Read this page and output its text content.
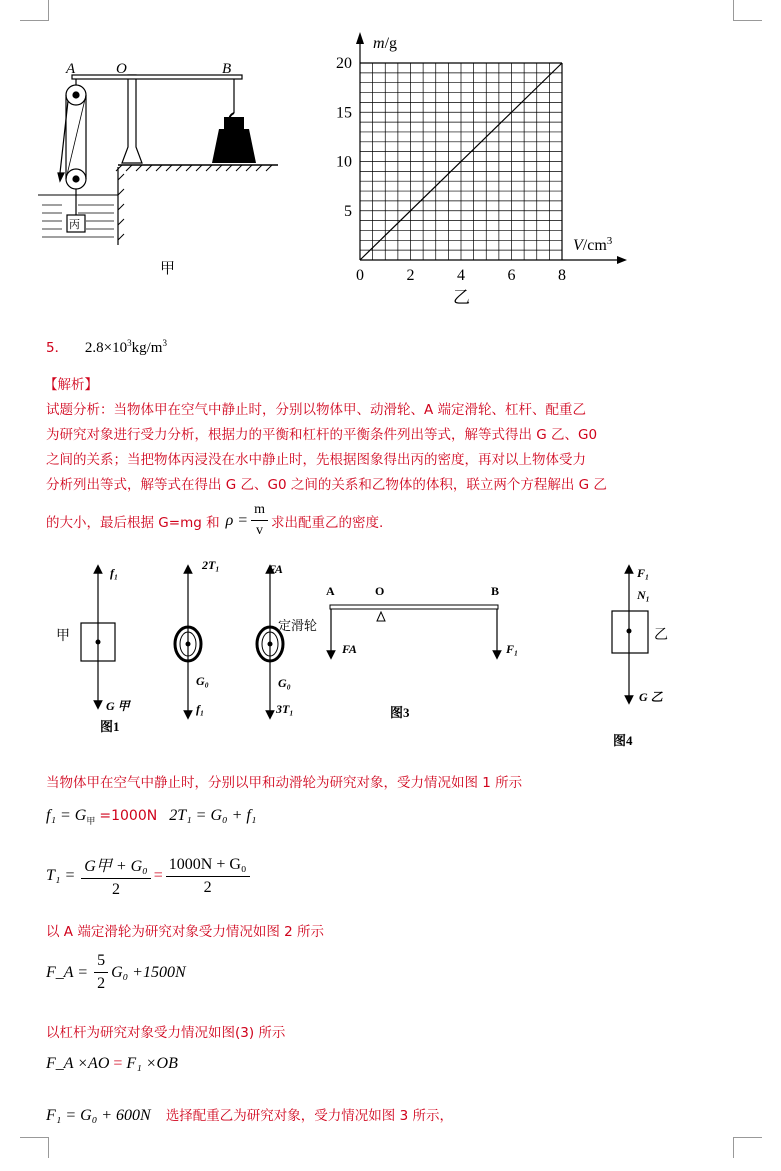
A	O	B
丙
甲
m/g
$V/cm^3$
20
15
10
5
0	2	4	6	8
乙
5． $2.8\times 10^3kg/m^3$
【解析】
试题分析：当物体甲在空气中静止时，分别以物体甲、动滑轮、A 端定滑轮、杠杆、配重乙
为研究对象进行受力分析，根据力的平衡和杠杆的平衡条件列出等式，解等式得出 G 乙、G0
之间的关系；当把物体丙浸没在水中静止时，先根据图象得出丙的密度，再对以上物体受力
分析列出等式，解等式在得出 G 乙、G0 之间的关系和乙物体的体积，联立两个方程解出 G 乙
的大小，最后根据 G=mg 和 $\rho = \frac{m}{v}$ 求出配重乙的密度.
f₁
甲
G 甲
图1
2T₁
G₀
f₁
FA
定滑轮
G₀
3T₁
A	O	B
FA	F₁
图3
F₁
N₁
乙
G 乙
图4
当物体甲在空气中静止时，分别以甲和动滑轮为研究对象，受力情况如图 1 所示
$f_1 = G_甲 =1000N$ 2T₁ = G₀ + f₁
$T_1 = \frac{\text{G甲 + G₀}}{2} = \frac{\text{1000N + G₀}}{2}$
以 A 端定滑轮为研究对象受力情况如图 2 所示
F_A = $\frac{5}{2} G_0 +1500N$
以杠杆为研究对象受力情况如图(3) 所示
F_A ×AO = F₁ ×OB
F₁ = G₀ + 600N 选择配重乙为研究对象，受力情况如图 3 所示，
